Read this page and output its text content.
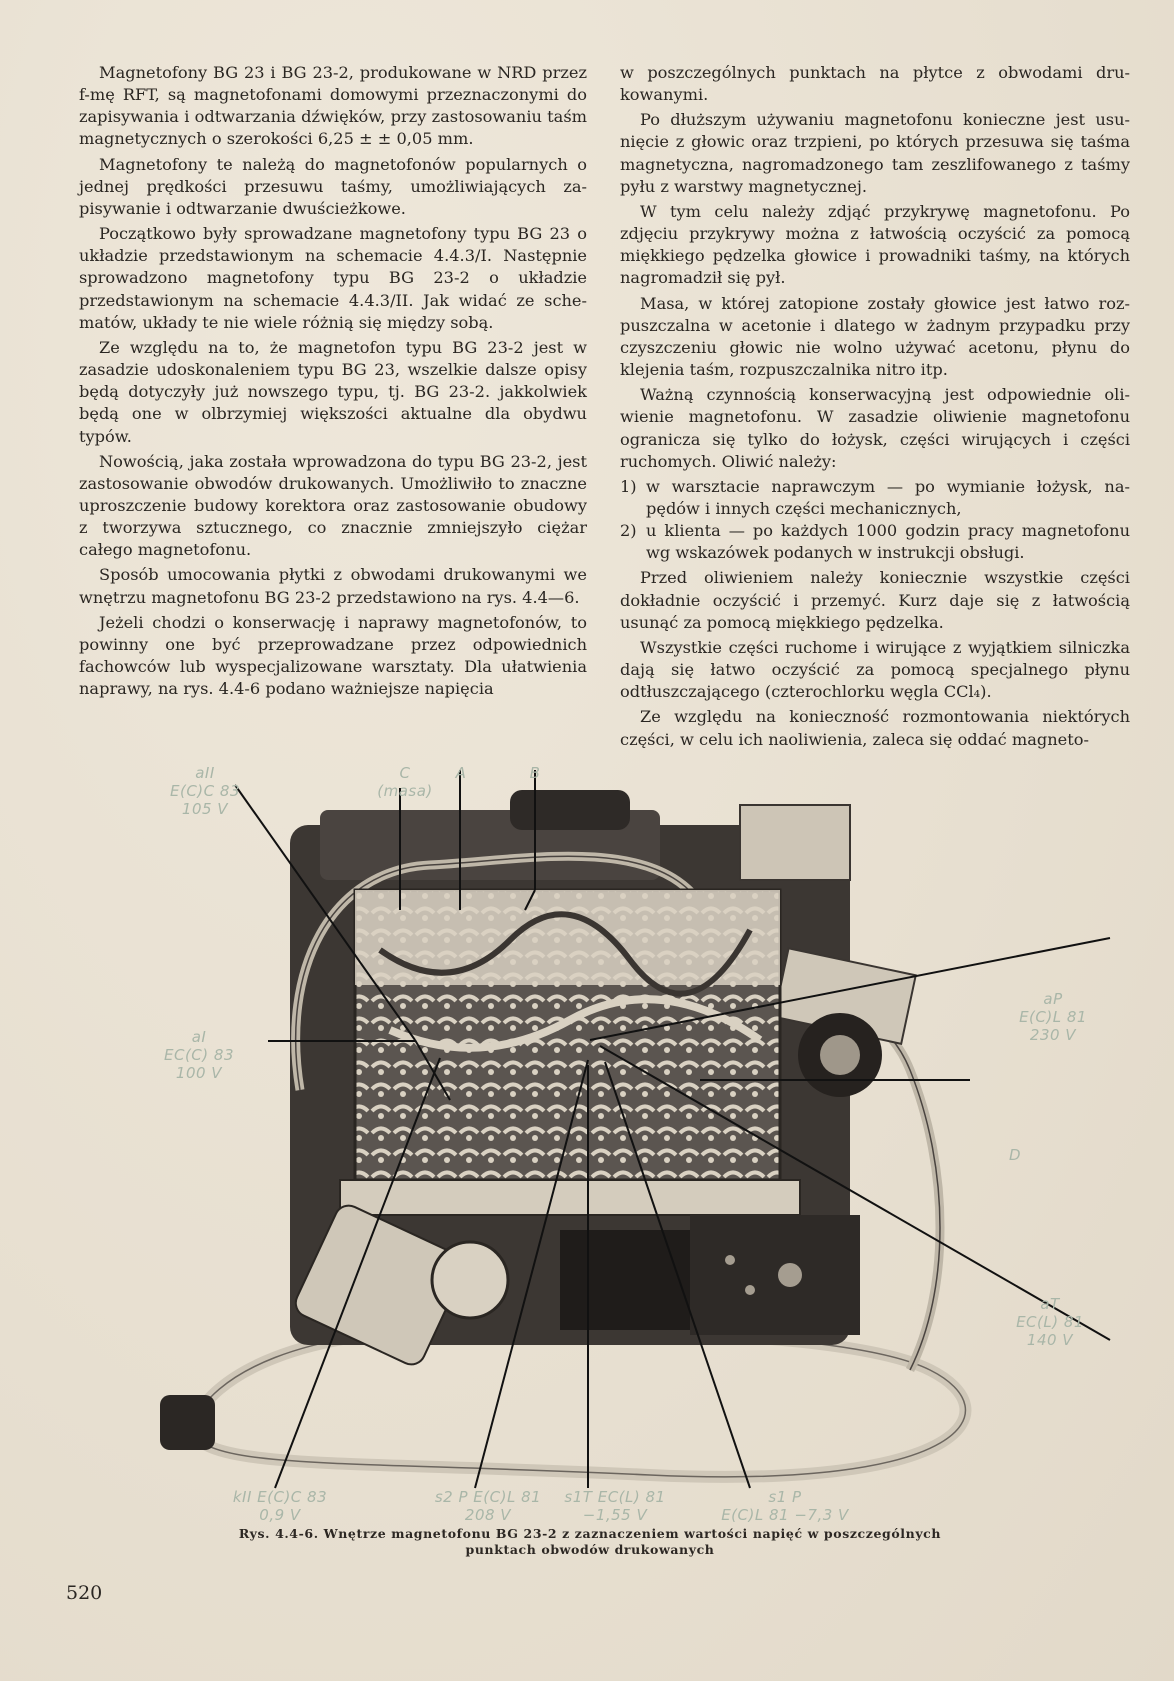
Magnetofony BG 23 i BG 23-2, produkowane w NRD przez f-mę RFT, są magnetofonami domowymi przeznaczonymi do zapisywania i odtwarzania dźwięków, przy zastosowaniu taśm magnetycznych o szerokości 6,25 ± ± 0,05 mm.

Magnetofony te należą do magnetofonów popularnych o jednej prędkości przesuwu taśmy, umożliwiających zapisywanie i odtwarzanie dwuścieżkowe.

Początkowo były sprowadzane magnetofony typu BG 23 o układzie przedstawionym na schemacie 4.4.3/I. Następnie sprowadzono magnetofony typu BG 23-2 o układzie przedstawionym na schemacie 4.4.3/II. Jak widać ze schematów, układy te nie wiele różnią się między sobą.

Ze względu na to, że magnetofon typu BG 23-2 jest w zasadzie udoskonaleniem typu BG 23, wszelkie dalsze opisy będą dotyczyły już nowszego typu, tj. BG 23-2. jakkolwiek będą one w olbrzymiej większości aktualne dla obydwu typów.

Nowością, jaka została wprowadzona do typu BG 23-2, jest zastosowanie obwodów drukowanych. Umożliwiło to znaczne uproszczenie budowy korektora oraz zastosowanie obudowy z tworzywa sztucznego, co znacznie zmniejszyło ciężar całego magnetofonu.

Sposób umocowania płytki z obwodami drukowanymi we wnętrzu magnetofonu BG 23-2 przedstawiono na rys. 4.4—6.

Jeżeli chodzi o konserwację i naprawy magnetofonów, to powinny one być przeprowadzane przez odpowiednich fachowców lub wyspecjalizowane warsztaty. Dla ułatwienia naprawy, na rys. 4.4-6 podano ważniejsze napięcia

w poszczególnych punktach na płytce z obwodami drukowanymi.

Po dłuższym używaniu magnetofonu konieczne jest usunięcie z głowic oraz trzpieni, po których przesuwa się taśma magnetyczna, nagromadzonego tam zeszlifowanego z taśmy pyłu z warstwy magnetycznej.

W tym celu należy zdjąć przykrywę magnetofonu. Po zdjęciu przykrywy można z łatwością oczyścić za pomocą miękkiego pędzelka głowice i prowadniki taśmy, na których nagromadził się pył.

Masa, w której zatopione zostały głowice jest łatwo rozpuszczalna w acetonie i dlatego w żadnym przypadku przy czyszczeniu głowic nie wolno używać acetonu, płynu do klejenia taśm, rozpuszczalnika nitro itp.

Ważną czynnością konserwacyjną jest odpowiednie oliwienie magnetofonu. W zasadzie oliwienie magnetofonu ogranicza się tylko do łożysk, części wirujących i części ruchomych. Oliwić należy:

1) w warsztacie naprawczym — po wymianie łożysk, napędów i innych części mechanicznych,
2) u klienta — po każdych 1000 godzin pracy magnetofonu wg wskazówek podanych w instrukcji obsługi.

Przed oliwieniem należy koniecznie wszystkie części dokładnie oczyścić i przemyć. Kurz daje się z łatwością usunąć za pomocą miękkiego pędzelka.

Wszystkie części ruchome i wirujące z wyjątkiem silniczka dają się łatwo oczyścić za pomocą specjalnego płynu odtłuszczającego (czterochlorku węgla CCl₄).

Ze względu na konieczność rozmontowania niektórych części, w celu ich naoliwienia, zaleca się oddać magneto-

aII
E(C)C 83
105 V
C
(masa)
A	B
aI
EC(C) 83
100 V
aP
E(C)L 81
230 V
D
aT
EC(L) 81
140 V
kII E(C)C 83
0,9 V
s2 P E(C)L 81
208 V
s1T EC(L) 81
−1,55 V
s1 P
E(C)L 81 −7,3 V
Rys. 4.4-6. Wnętrze magnetofonu BG 23-2 z zaznaczeniem wartości napięć w poszczególnych
punktach obwodów drukowanych
520
